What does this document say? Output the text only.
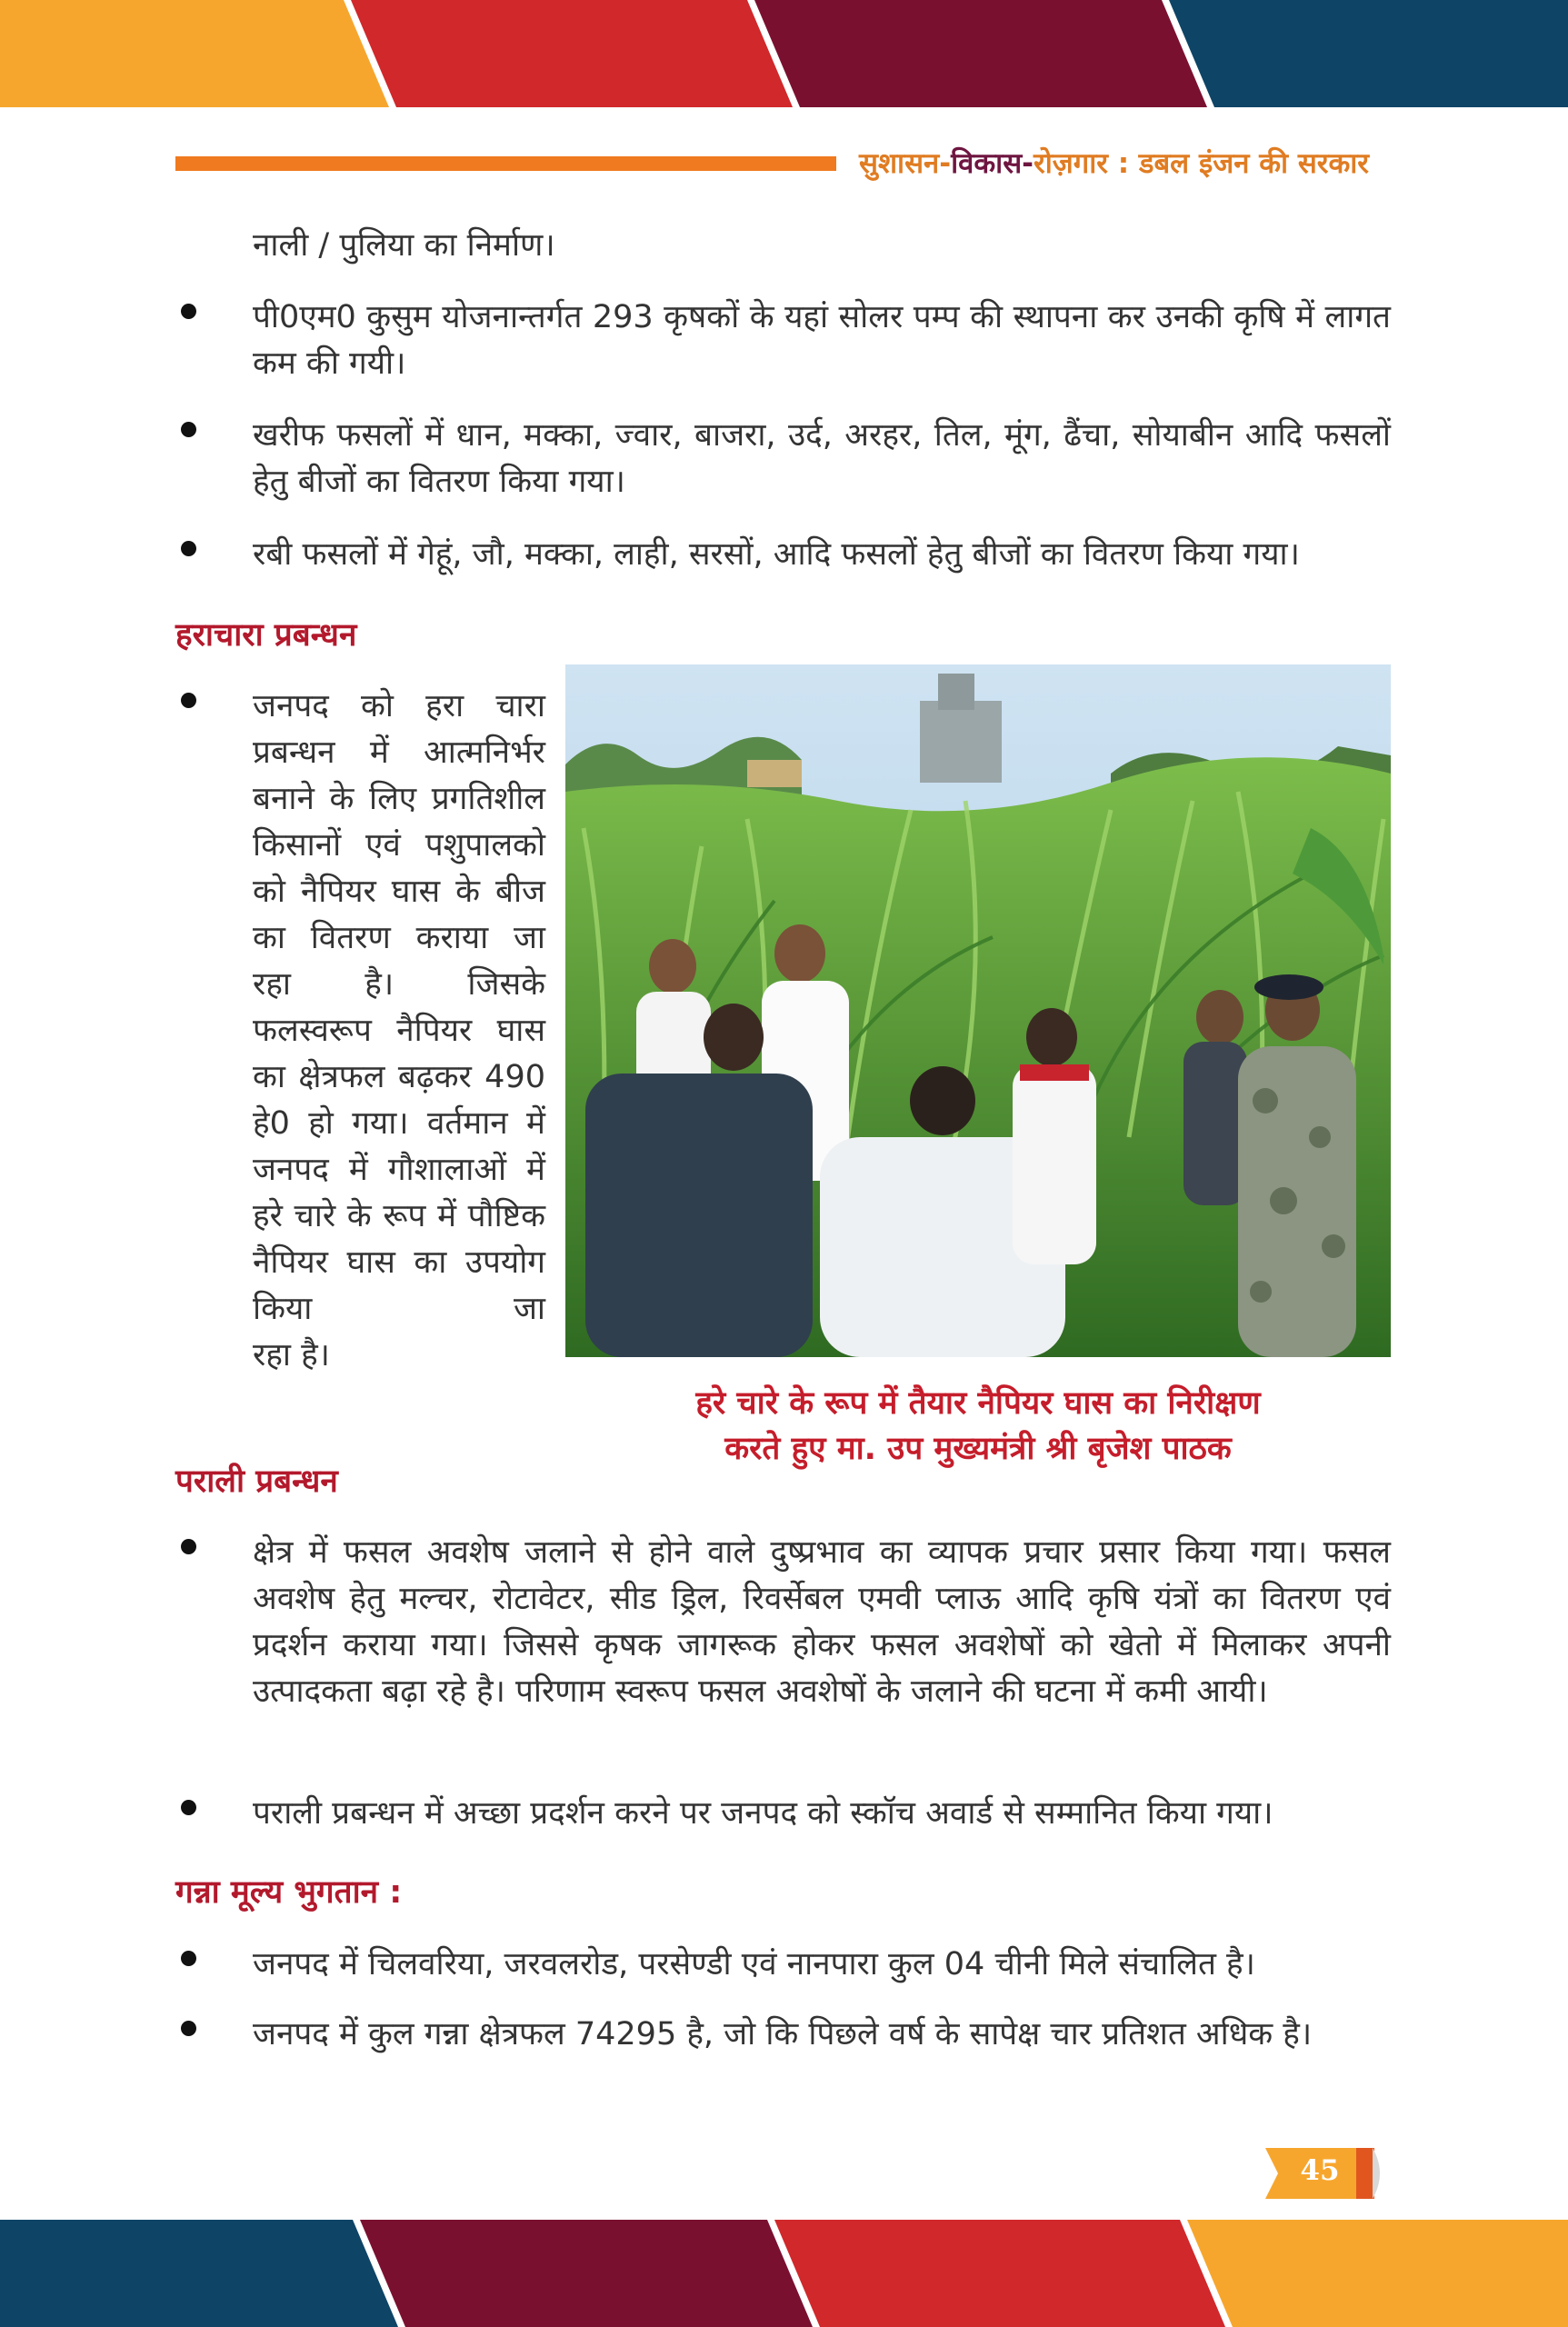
सुशासन-विकास-रोज़गार : डबल इंजन की सरकार
नाली / पुलिया का निर्माण।
पी0एम0 कुसुम योजनान्तर्गत 293 कृषकों के यहां सोलर पम्प की स्थापना कर उनकी कृषि में लागत कम की गयी।
खरीफ फसलों में धान, मक्का, ज्वार, बाजरा, उर्द, अरहर, तिल, मूंग, ढैंचा, सोयाबीन आदि फसलों हेतु बीजों का वितरण किया गया।
रबी फसलों में गेहूं, जौ, मक्का, लाही, सरसों, आदि फसलों हेतु बीजों का वितरण किया गया।
हराचारा प्रबन्धन
जनपद को हरा चारा प्रबन्धन में आत्मनिर्भर बनाने के लिए प्रगतिशील किसानों एवं पशुपालको को नैपियर घास के बीज का वितरण कराया जा रहा है। जिसके फलस्वरूप नैपियर घास का क्षेत्रफल बढ़कर 490 हे0 हो गया। वर्तमान में जनपद में गौशालाओं में हरे चारे के रूप में पौष्टिक नैपियर घास का उपयोग किया जा
रहा है।
हरे चारे के रूप में तैयार नैपियर घास का निरीक्षण
करते हुए मा. उप मुख्यमंत्री श्री बृजेश पाठक
पराली प्रबन्धन
क्षेत्र में फसल अवशेष जलाने से होने वाले दुष्प्रभाव का व्यापक प्रचार प्रसार किया गया। फसल अवशेष हेतु मल्चर, रोटावेटर, सीड ड्रिल, रिवर्सेबल एमवी प्लाऊ आदि कृषि यंत्रों का वितरण एवं प्रदर्शन कराया गया। जिससे कृषक जागरूक होकर फसल अवशेषों को खेतो में मिलाकर अपनी उत्पादकता बढ़ा रहे है। परिणाम स्वरूप फसल अवशेषों के जलाने की घटना में कमी आयी।
पराली प्रबन्धन में अच्छा प्रदर्शन करने पर जनपद को स्कॉच अवार्ड से सम्मानित किया गया।
गन्ना मूल्य भुगतान :
जनपद में चिलवरिया, जरवलरोड, परसेण्डी एवं नानपारा कुल 04 चीनी मिले संचालित है।
जनपद में कुल गन्ना क्षेत्रफल 74295 है, जो कि पिछले वर्ष के सापेक्ष चार प्रतिशत अधिक है।
45
